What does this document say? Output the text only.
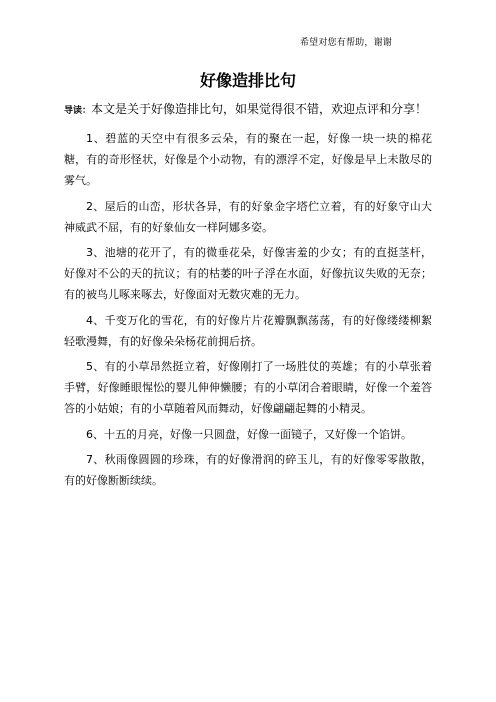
希望对您有帮助，谢谢
好像造排比句

导读：本文是关于好像造排比句，如果觉得很不错，欢迎点评和分享！

1、碧蓝的天空中有很多云朵，有的聚在一起，好像一块一块的棉花糖，有的奇形怪状，好像是个小动物，有的漂浮不定，好像是早上未散尽的雾气。

2、屋后的山峦，形状各异，有的好象金字塔伫立着，有的好象守山大神威武不屈，有的好象仙女一样阿娜多姿。

3、池塘的花开了，有的微垂花朵，好像害羞的少女；有的直挺茎杆，好像对不公的天的抗议；有的枯萎的叶子浮在水面，好像抗议失败的无奈；有的被鸟儿啄来啄去，好像面对无数灾难的无力。

4、千变万化的雪花，有的好像片片花瓣飘飘荡荡，有的好像缕缕柳絮轻歌漫舞，有的好像朵朵杨花前拥后挤。

5、有的小草昂然挺立着，好像刚打了一场胜仗的英雄；有的小草张着手臂，好像睡眼惺忪的婴儿伸伸懒腰；有的小草闭合着眼睛，好像一个羞答答的小姑娘；有的小草随着风而舞动，好像翩翩起舞的小精灵。

6、十五的月亮，好像一只圆盘，好像一面镜子，又好像一个馅饼。

7、秋雨像圆圆的珍珠，有的好像滑润的碎玉儿，有的好像零零散散，有的好像断断续续。
